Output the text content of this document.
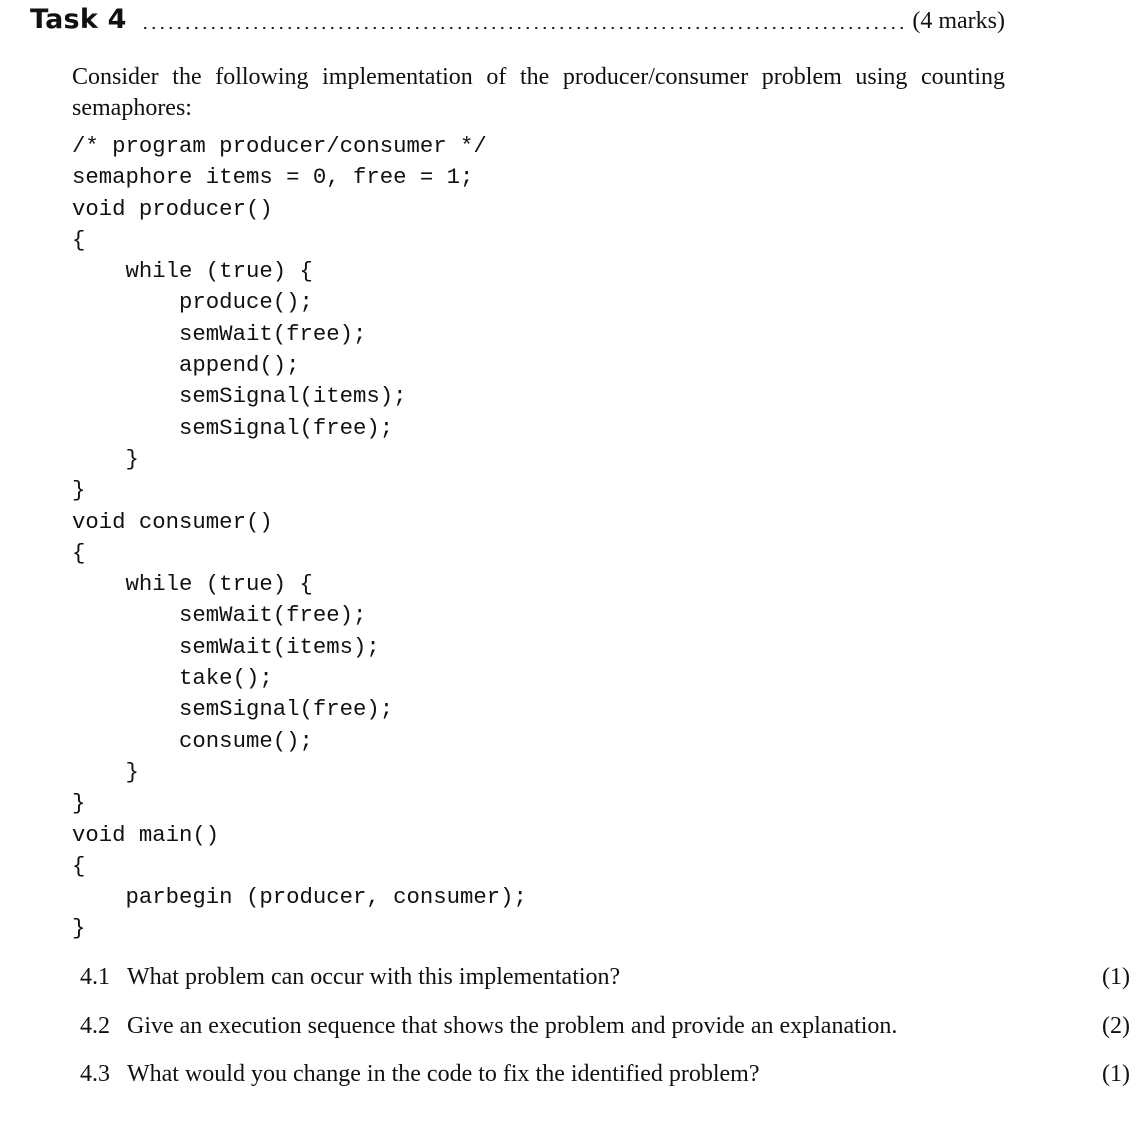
Task 4	(4 marks)

Consider the following implementation of the producer/consumer problem using counting semaphores:

/* program producer/consumer */
semaphore items = 0, free = 1;
void producer()
{
while (true) {
produce();
semWait(free);
append();
semSignal(items);
semSignal(free);
}
}
void consumer()
{
while (true) {
semWait(free);
semWait(items);
take();
semSignal(free);
consume();
}
}
void main()
{
parbegin (producer, consumer);
}
4.1 What problem can occur with this implementation?	(1)
4.2 Give an execution sequence that shows the problem and provide an explanation.	(2)
4.3 What would you change in the code to fix the identified problem?	(1)
